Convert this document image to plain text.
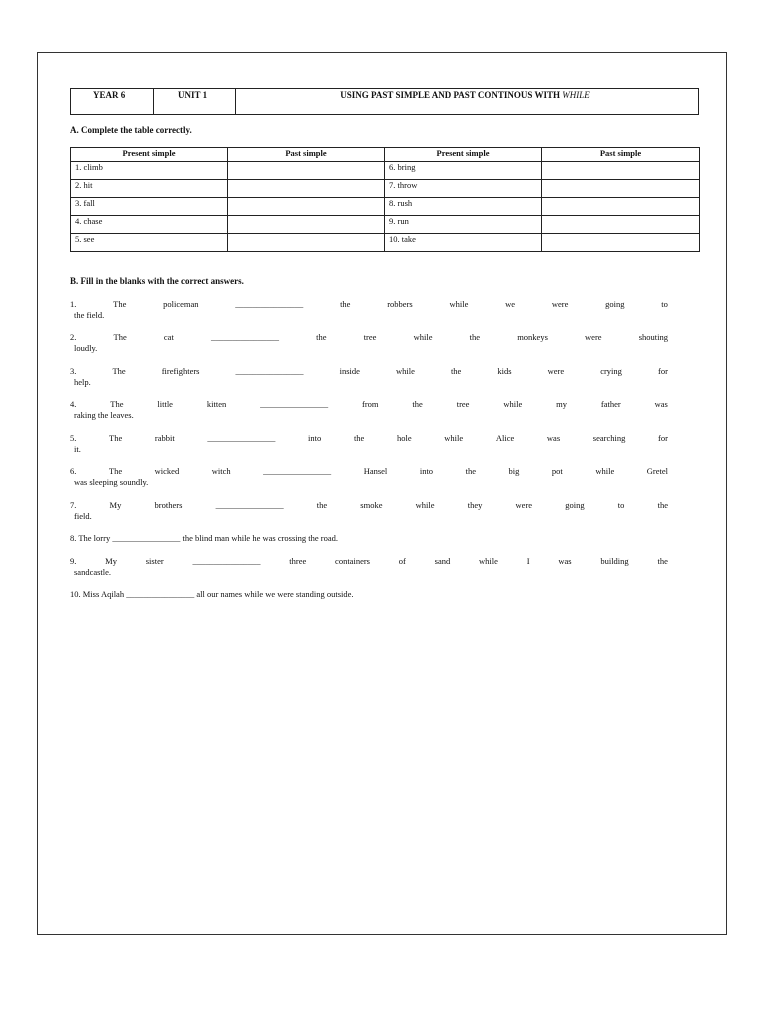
YEAR 6	UNIT 1	USING PAST SIMPLE AND PAST CONTINOUS WITH WHILE
A. Complete the table correctly.
Present simple	Past simple	Present simple	Past simple
1. climb		6. bring	
2. hit		7. throw	
3. fall		8. rush	
4. chase		9. run	
5. see		10. take	
B. Fill in the blanks with the correct answers.
1.	The	policeman	________________	the	robbers	while	we	were	going	to
the field.
2.	The	cat	________________	the	tree	while	the	monkeys	were	shouting
loudly.
3.	The	firefighters	________________	inside	while	the	kids	were	crying	for
help.
4.	The	little	kitten	________________	from	the	tree	while	my	father	was
raking the leaves.
5.	The	rabbit	________________	into	the	hole	while	Alice	was	searching	for
it.
6.	The	wicked	witch	________________	Hansel	into	the	big	pot	while	Gretel
was sleeping soundly.
7.	My	brothers	________________	the	smoke	while	they	were	going	to	the
field.
8. The lorry ________________ the blind man while he was crossing the road.
9.	My	sister	________________	three	containers	of	sand	while	I	was	building	the
sandcastle.
10. Miss Aqilah ________________ all our names while we were standing outside.
